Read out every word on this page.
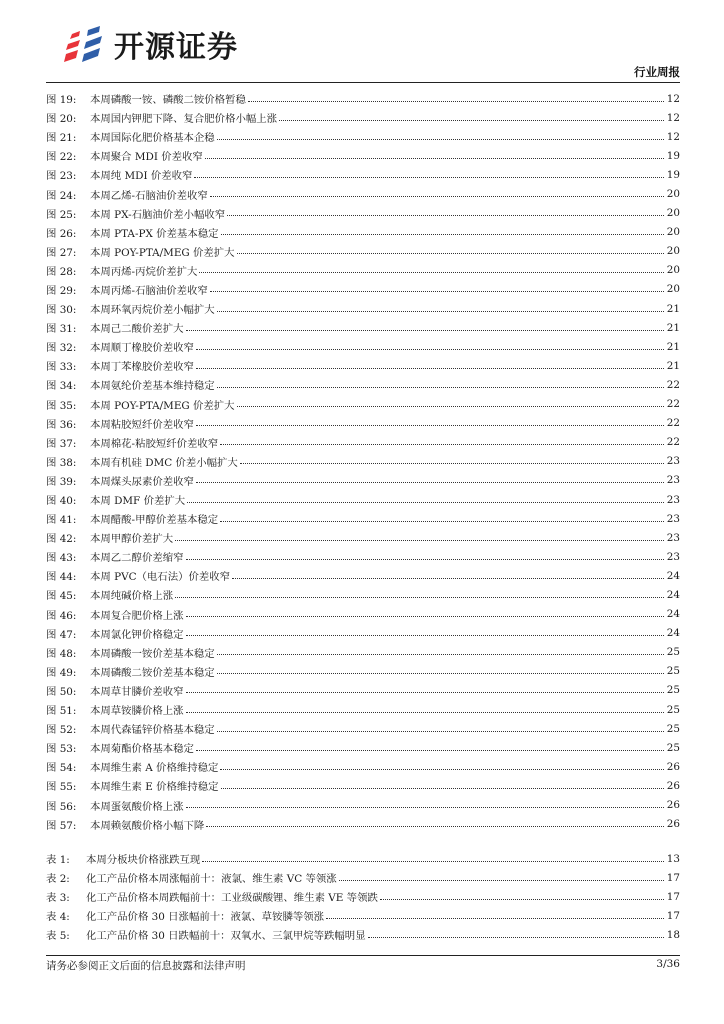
开源证券
行业周报
图 19:	本周磷酸一铵、磷酸二铵价格暂稳	12
图 20:	本周国内钾肥下降、复合肥价格小幅上涨	12
图 21:	本周国际化肥价格基本企稳	12
图 22:	本周聚合 MDI 价差收窄	19
图 23:	本周纯 MDI 价差收窄	19
图 24:	本周乙烯-石脑油价差收窄	20
图 25:	本周 PX-石脑油价差小幅收窄	20
图 26:	本周 PTA-PX 价差基本稳定	20
图 27:	本周 POY-PTA/MEG 价差扩大	20
图 28:	本周丙烯-丙烷价差扩大	20
图 29:	本周丙烯-石脑油价差收窄	20
图 30:	本周环氧丙烷价差小幅扩大	21
图 31:	本周己二酸价差扩大	21
图 32:	本周顺丁橡胶价差收窄	21
图 33:	本周丁苯橡胶价差收窄	21
图 34:	本周氨纶价差基本维持稳定	22
图 35:	本周 POY-PTA/MEG 价差扩大	22
图 36:	本周粘胶短纤价差收窄	22
图 37:	本周棉花-粘胶短纤价差收窄	22
图 38:	本周有机硅 DMC 价差小幅扩大	23
图 39:	本周煤头尿素价差收窄	23
图 40:	本周 DMF 价差扩大	23
图 41:	本周醋酸-甲醇价差基本稳定	23
图 42:	本周甲醇价差扩大	23
图 43:	本周乙二醇价差缩窄	23
图 44:	本周 PVC（电石法）价差收窄	24
图 45:	本周纯碱价格上涨	24
图 46:	本周复合肥价格上涨	24
图 47:	本周氯化钾价格稳定	24
图 48:	本周磷酸一铵价差基本稳定	25
图 49:	本周磷酸二铵价差基本稳定	25
图 50:	本周草甘膦价差收窄	25
图 51:	本周草铵膦价格上涨	25
图 52:	本周代森锰锌价格基本稳定	25
图 53:	本周菊酯价格基本稳定	25
图 54:	本周维生素 A 价格维持稳定	26
图 55:	本周维生素 E 价格维持稳定	26
图 56:	本周蛋氨酸价格上涨	26
图 57:	本周赖氨酸价格小幅下降	26
表 1:	本周分板块价格涨跌互现	13
表 2:	化工产品价格本周涨幅前十：液氯、维生素 VC 等领涨	17
表 3:	化工产品价格本周跌幅前十：工业级碳酸锂、维生素 VE 等领跌	17
表 4:	化工产品价格 30 日涨幅前十：液氯、草铵膦等领涨	17
表 5:	化工产品价格 30 日跌幅前十：双氧水、三氯甲烷等跌幅明显	18
请务必参阅正文后面的信息披露和法律声明	3/36
